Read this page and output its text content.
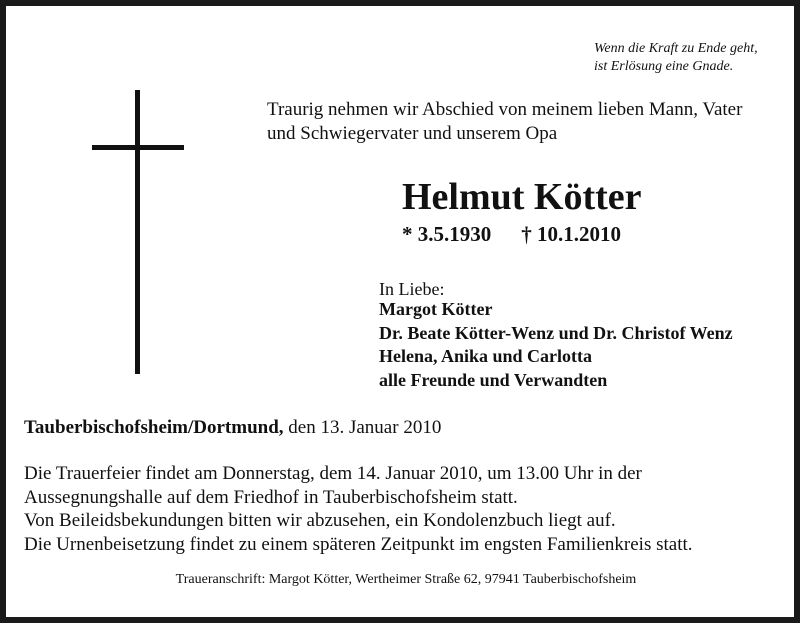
Wenn die Kraft zu Ende geht,
ist Erlösung eine Gnade.
Traurig nehmen wir Abschied von meinem lieben Mann, Vater
und Schwiegervater und unserem Opa
Helmut Kötter
* 3.5.1930 † 10.1.2010
In Liebe:
Margot Kötter
Dr. Beate Kötter-Wenz und Dr. Christof Wenz
Helena, Anika und Carlotta
alle Freunde und Verwandten
Tauberbischofsheim/Dortmund, den 13. Januar 2010
Die Trauerfeier findet am Donnerstag, dem 14. Januar 2010, um 13.00 Uhr in der
Aussegnungshalle auf dem Friedhof in Tauberbischofsheim statt.
Von Beileidsbekundungen bitten wir abzusehen, ein Kondolenzbuch liegt auf.
Die Urnenbeisetzung findet zu einem späteren Zeitpunkt im engsten Familienkreis statt.
Traueranschrift: Margot Kötter, Wertheimer Straße 62, 97941 Tauberbischofsheim
